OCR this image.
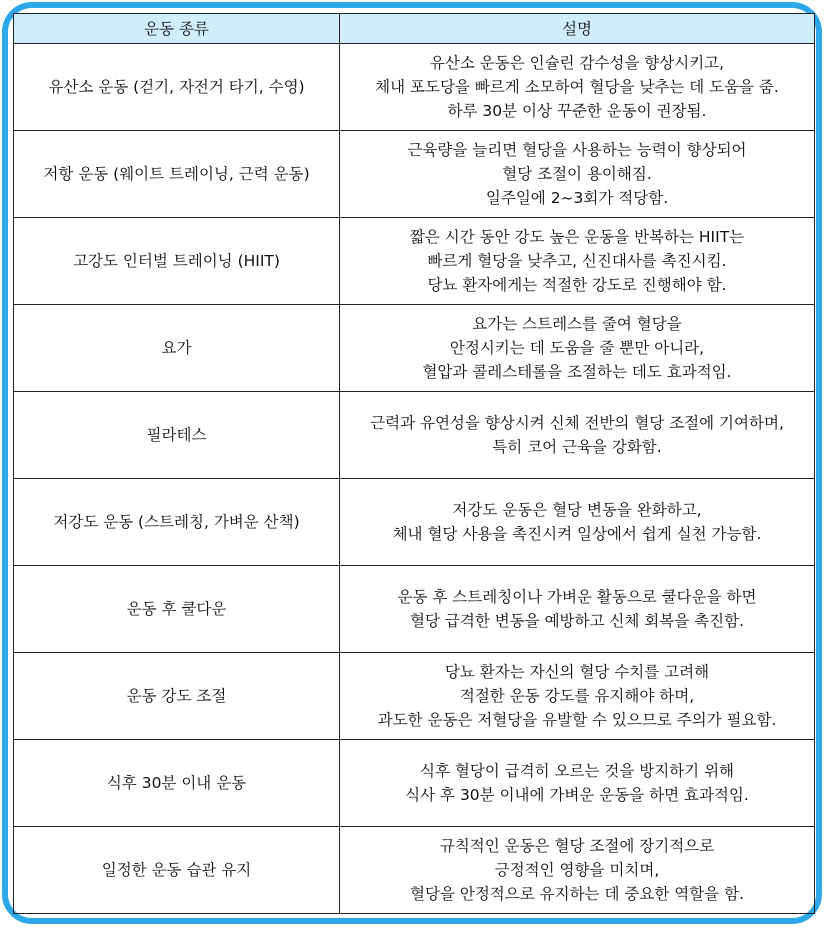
운동 종류	설명
유산소 운동 (걷기, 자전거 타기, 수영)	유산소 운동은 인슐린 감수성을 향상시키고,
체내 포도당을 빠르게 소모하여 혈당을 낮추는 데 도움을 줌.
하루 30분 이상 꾸준한 운동이 권장됨.

저항 운동 (웨이트 트레이닝, 근력 운동)	근육량을 늘리면 혈당을 사용하는 능력이 향상되어
혈당 조절이 용이해짐.
일주일에 2~3회가 적당함.

고강도 인터벌 트레이닝 (HIIT)	짧은 시간 동안 강도 높은 운동을 반복하는 HIIT는
빠르게 혈당을 낮추고, 신진대사를 촉진시킴.
당뇨 환자에게는 적절한 강도로 진행해야 함.

요가	요가는 스트레스를 줄여 혈당을
안정시키는 데 도움을 줄 뿐만 아니라,
혈압과 콜레스테롤을 조절하는 데도 효과적임.

필라테스	근력과 유연성을 향상시켜 신체 전반의 혈당 조절에 기여하며,
특히 코어 근육을 강화함.

저강도 운동 (스트레칭, 가벼운 산책)	저강도 운동은 혈당 변동을 완화하고,
체내 혈당 사용을 촉진시켜 일상에서 쉽게 실천 가능함.

운동 후 쿨다운	운동 후 스트레칭이나 가벼운 활동으로 쿨다운을 하면
혈당 급격한 변동을 예방하고 신체 회복을 촉진함.

운동 강도 조절	당뇨 환자는 자신의 혈당 수치를 고려해
적절한 운동 강도를 유지해야 하며,
과도한 운동은 저혈당을 유발할 수 있으므로 주의가 필요함.

식후 30분 이내 운동	식후 혈당이 급격히 오르는 것을 방지하기 위해
식사 후 30분 이내에 가벼운 운동을 하면 효과적임.

일정한 운동 습관 유지	규칙적인 운동은 혈당 조절에 장기적으로
긍정적인 영향을 미치며,
혈당을 안정적으로 유지하는 데 중요한 역할을 함.
